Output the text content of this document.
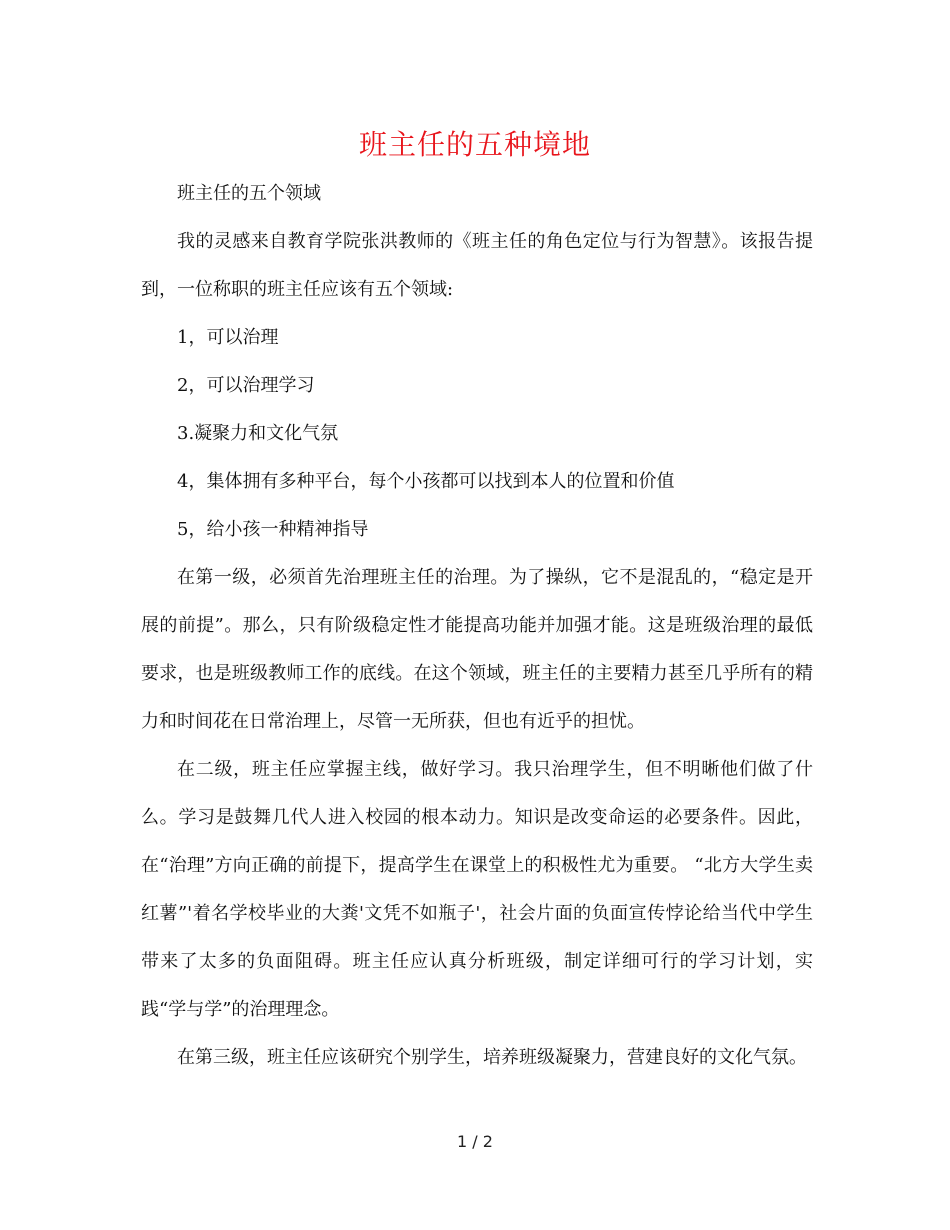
班主任的五种境地

班主任的五个领域

我的灵感来自教育学院张洪教师的《班主任的角色定位与行为智慧》。该报告提到，一位称职的班主任应该有五个领域:

1，可以治理

2，可以治理学习

3.凝聚力和文化气氛

4，集体拥有多种平台，每个小孩都可以找到本人的位置和价值

5，给小孩一种精神指导

在第一级，必须首先治理班主任的治理。为了操纵，它不是混乱的，“稳定是开展的前提”。那么，只有阶级稳定性才能提高功能并加强才能。这是班级治理的最低要求，也是班级教师工作的底线。在这个领域，班主任的主要精力甚至几乎所有的精力和时间花在日常治理上，尽管一无所获，但也有近乎的担忧。

在二级，班主任应掌握主线，做好学习。我只治理学生，但不明晰他们做了什么。学习是鼓舞几代人进入校园的根本动力。知识是改变命运的必要条件。因此，在“治理”方向正确的前提下，提高学生在课堂上的积极性尤为重要。 “北方大学生卖红薯”'着名学校毕业的大粪'文凭不如瓶子'，社会片面的负面宣传悖论给当代中学生带来了太多的负面阻碍。班主任应认真分析班级，制定详细可行的学习计划，实践“学与学”的治理理念。

在第三级，班主任应该研究个别学生，培养班级凝聚力，营建良好的文化气氛。

1 / 2
